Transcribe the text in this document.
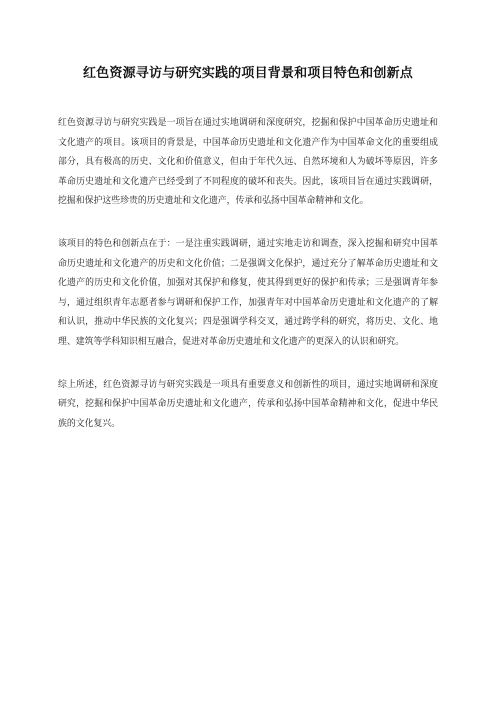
红色资源寻访与研究实践的项目背景和项目特色和创新点

红色资源寻访与研究实践是一项旨在通过实地调研和深度研究，挖掘和保护中国革命历史遗址和文化遗产的项目。该项目的背景是，中国革命历史遗址和文化遗产作为中国革命文化的重要组成部分，具有极高的历史、文化和价值意义，但由于年代久远、自然环境和人为破坏等原因，许多革命历史遗址和文化遗产已经受到了不同程度的破坏和丧失。因此，该项目旨在通过实践调研，挖掘和保护这些珍贵的历史遗址和文化遗产，传承和弘扬中国革命精神和文化。

该项目的特色和创新点在于：一是注重实践调研，通过实地走访和调查，深入挖掘和研究中国革命历史遗址和文化遗产的历史和文化价值；二是强调文化保护，通过充分了解革命历史遗址和文化遗产的历史和文化价值，加强对其保护和修复，使其得到更好的保护和传承；三是强调青年参与，通过组织青年志愿者参与调研和保护工作，加强青年对中国革命历史遗址和文化遗产的了解和认识，推动中华民族的文化复兴；四是强调学科交叉，通过跨学科的研究，将历史、文化、地理、建筑等学科知识相互融合，促进对革命历史遗址和文化遗产的更深入的认识和研究。

综上所述，红色资源寻访与研究实践是一项具有重要意义和创新性的项目，通过实地调研和深度研究，挖掘和保护中国革命历史遗址和文化遗产，传承和弘扬中国革命精神和文化，促进中华民族的文化复兴。
